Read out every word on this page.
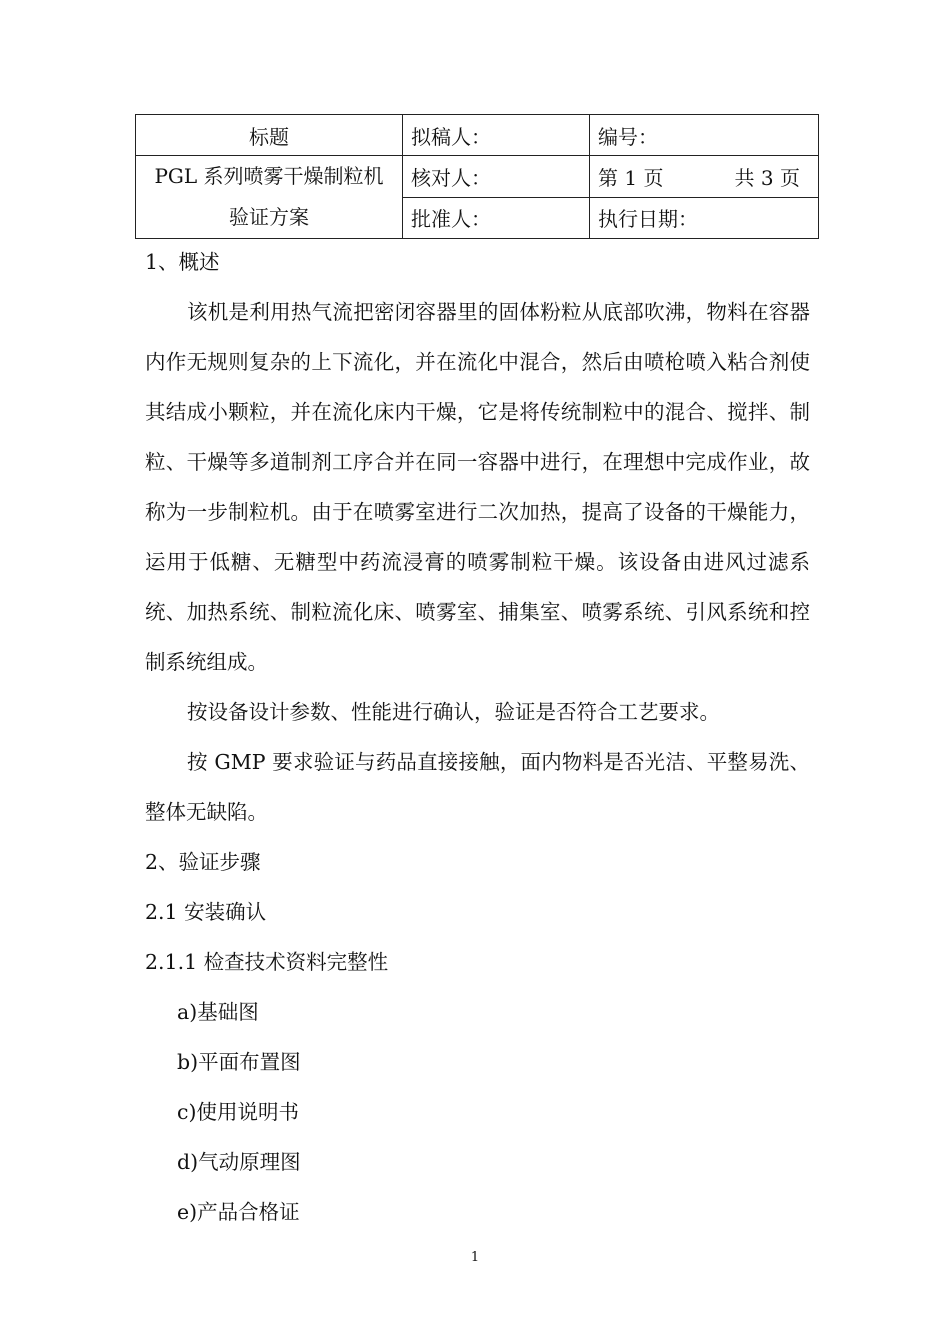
标题	拟稿人：	编号：

PGL 系列喷雾干燥制粒机
验证方案	核对人：	第 1 页 共 3 页

	批准人：	执行日期：

1、概述

该机是利用热气流把密闭容器里的固体粉粒从底部吹沸，物料在容器内作无规则复杂的上下流化，并在流化中混合，然后由喷枪喷入粘合剂使其结成小颗粒，并在流化床内干燥，它是将传统制粒中的混合、搅拌、制粒、干燥等多道制剂工序合并在同一容器中进行，在理想中完成作业，故称为一步制粒机。由于在喷雾室进行二次加热，提高了设备的干燥能力，运用于低糖、无糖型中药流浸膏的喷雾制粒干燥。该设备由进风过滤系统、加热系统、制粒流化床、喷雾室、捕集室、喷雾系统、引风系统和控制系统组成。

按设备设计参数、性能进行确认，验证是否符合工艺要求。

按 GMP 要求验证与药品直接接触，面内物料是否光洁、平整易洗、整体无缺陷。

2、验证步骤

2.1 安装确认

2.1.1 检查技术资料完整性

a)基础图
b)平面布置图
c)使用说明书
d)气动原理图
e)产品合格证
1
